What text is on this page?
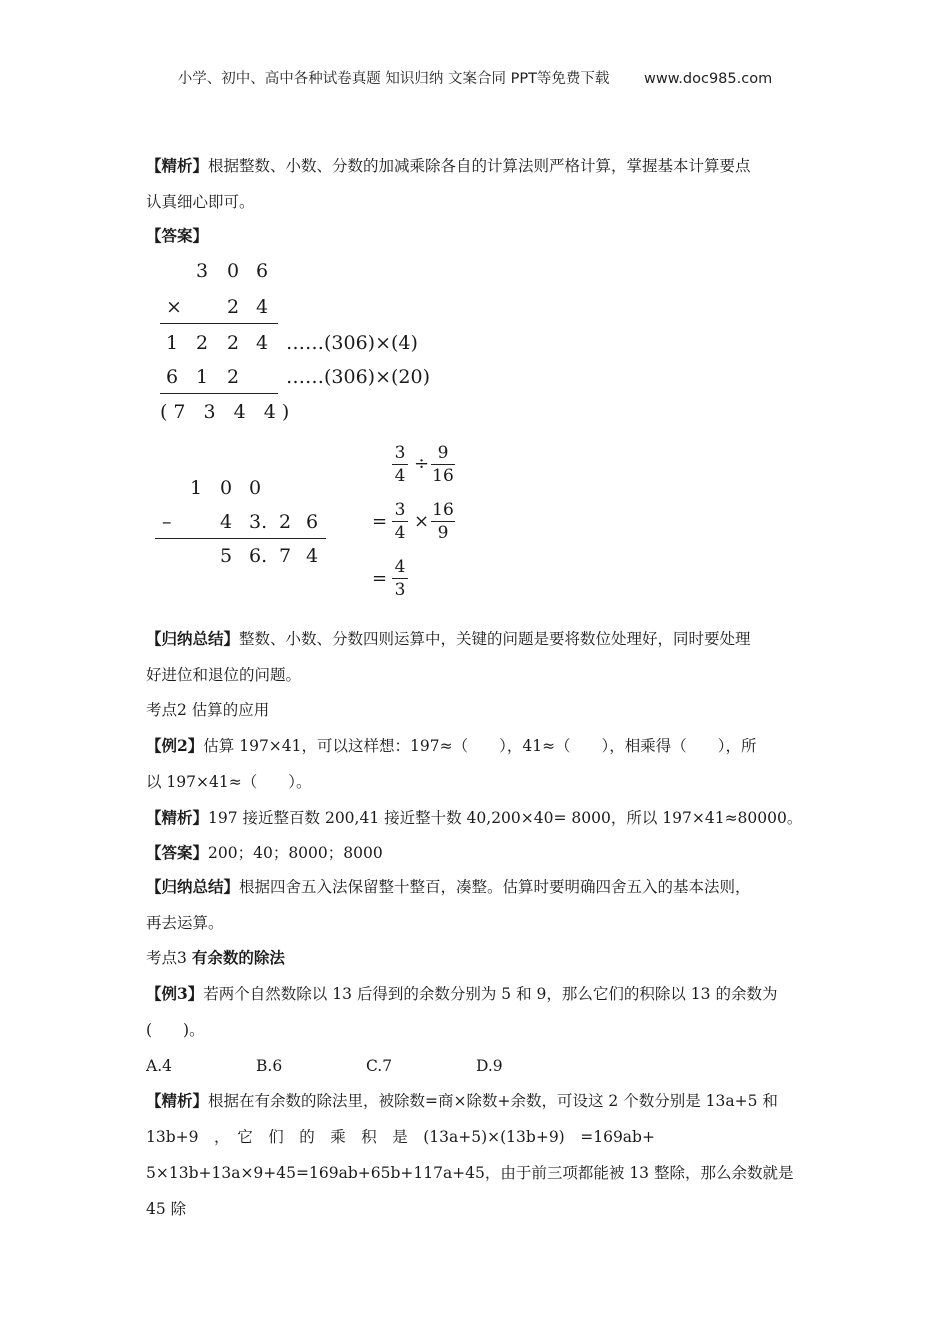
小学、初中、高中各种试卷真题 知识归纳 文案合同 PPT等免费下载 www.doc985.com

【精析】根据整数、小数、分数的加减乘除各自的计算法则严格计算，掌握基本计算要点
认真细心即可。

【答案】

3 0 6
× 2 4
1 2 2 4 ……(306)×(4)
6 1 2 ……(306)×(20)
(7 3 4 4)
1 0 0
–	4 3. 2 6
5 6. 7 4
3
4
÷ 9
16
=
3
4
×
16
9
=
4
3

【归纳总结】整数、小数、分数四则运算中，关键的问题是要将数位处理好，同时要处理
好进位和退位的问题。

考点2 估算的应用

【例2】估算 197×41，可以这样想：197≈（　　），41≈（　　），相乘得（　　），所
以 197×41≈（　　）。

【精析】197 接近整百数 200,41 接近整十数 40,200×40= 8000，所以 197×41≈80000。

【答案】200；40；8000；8000

【归纳总结】根据四舍五入法保留整十整百，凑整。估算时要明确四舍五入的基本法则，
再去运算。

考点3 有余数的除法

【例3】若两个自然数除以 13 后得到的余数分别为 5 和 9，那么它们的积除以 13 的余数为
(　　)。

A.4	B.6	C.7	D.9

【精析】根据在有余数的除法里，被除数=商×除数+余数，可设这 2 个数分别是 13a+5 和
13b+9　，　它　们　的　乘　积　是　(13a+5)×(13b+9)　=169ab+
5×13b+13a×9+45=169ab+65b+117a+45，由于前三项都能被 13 整除，那么余数就是 45 除
